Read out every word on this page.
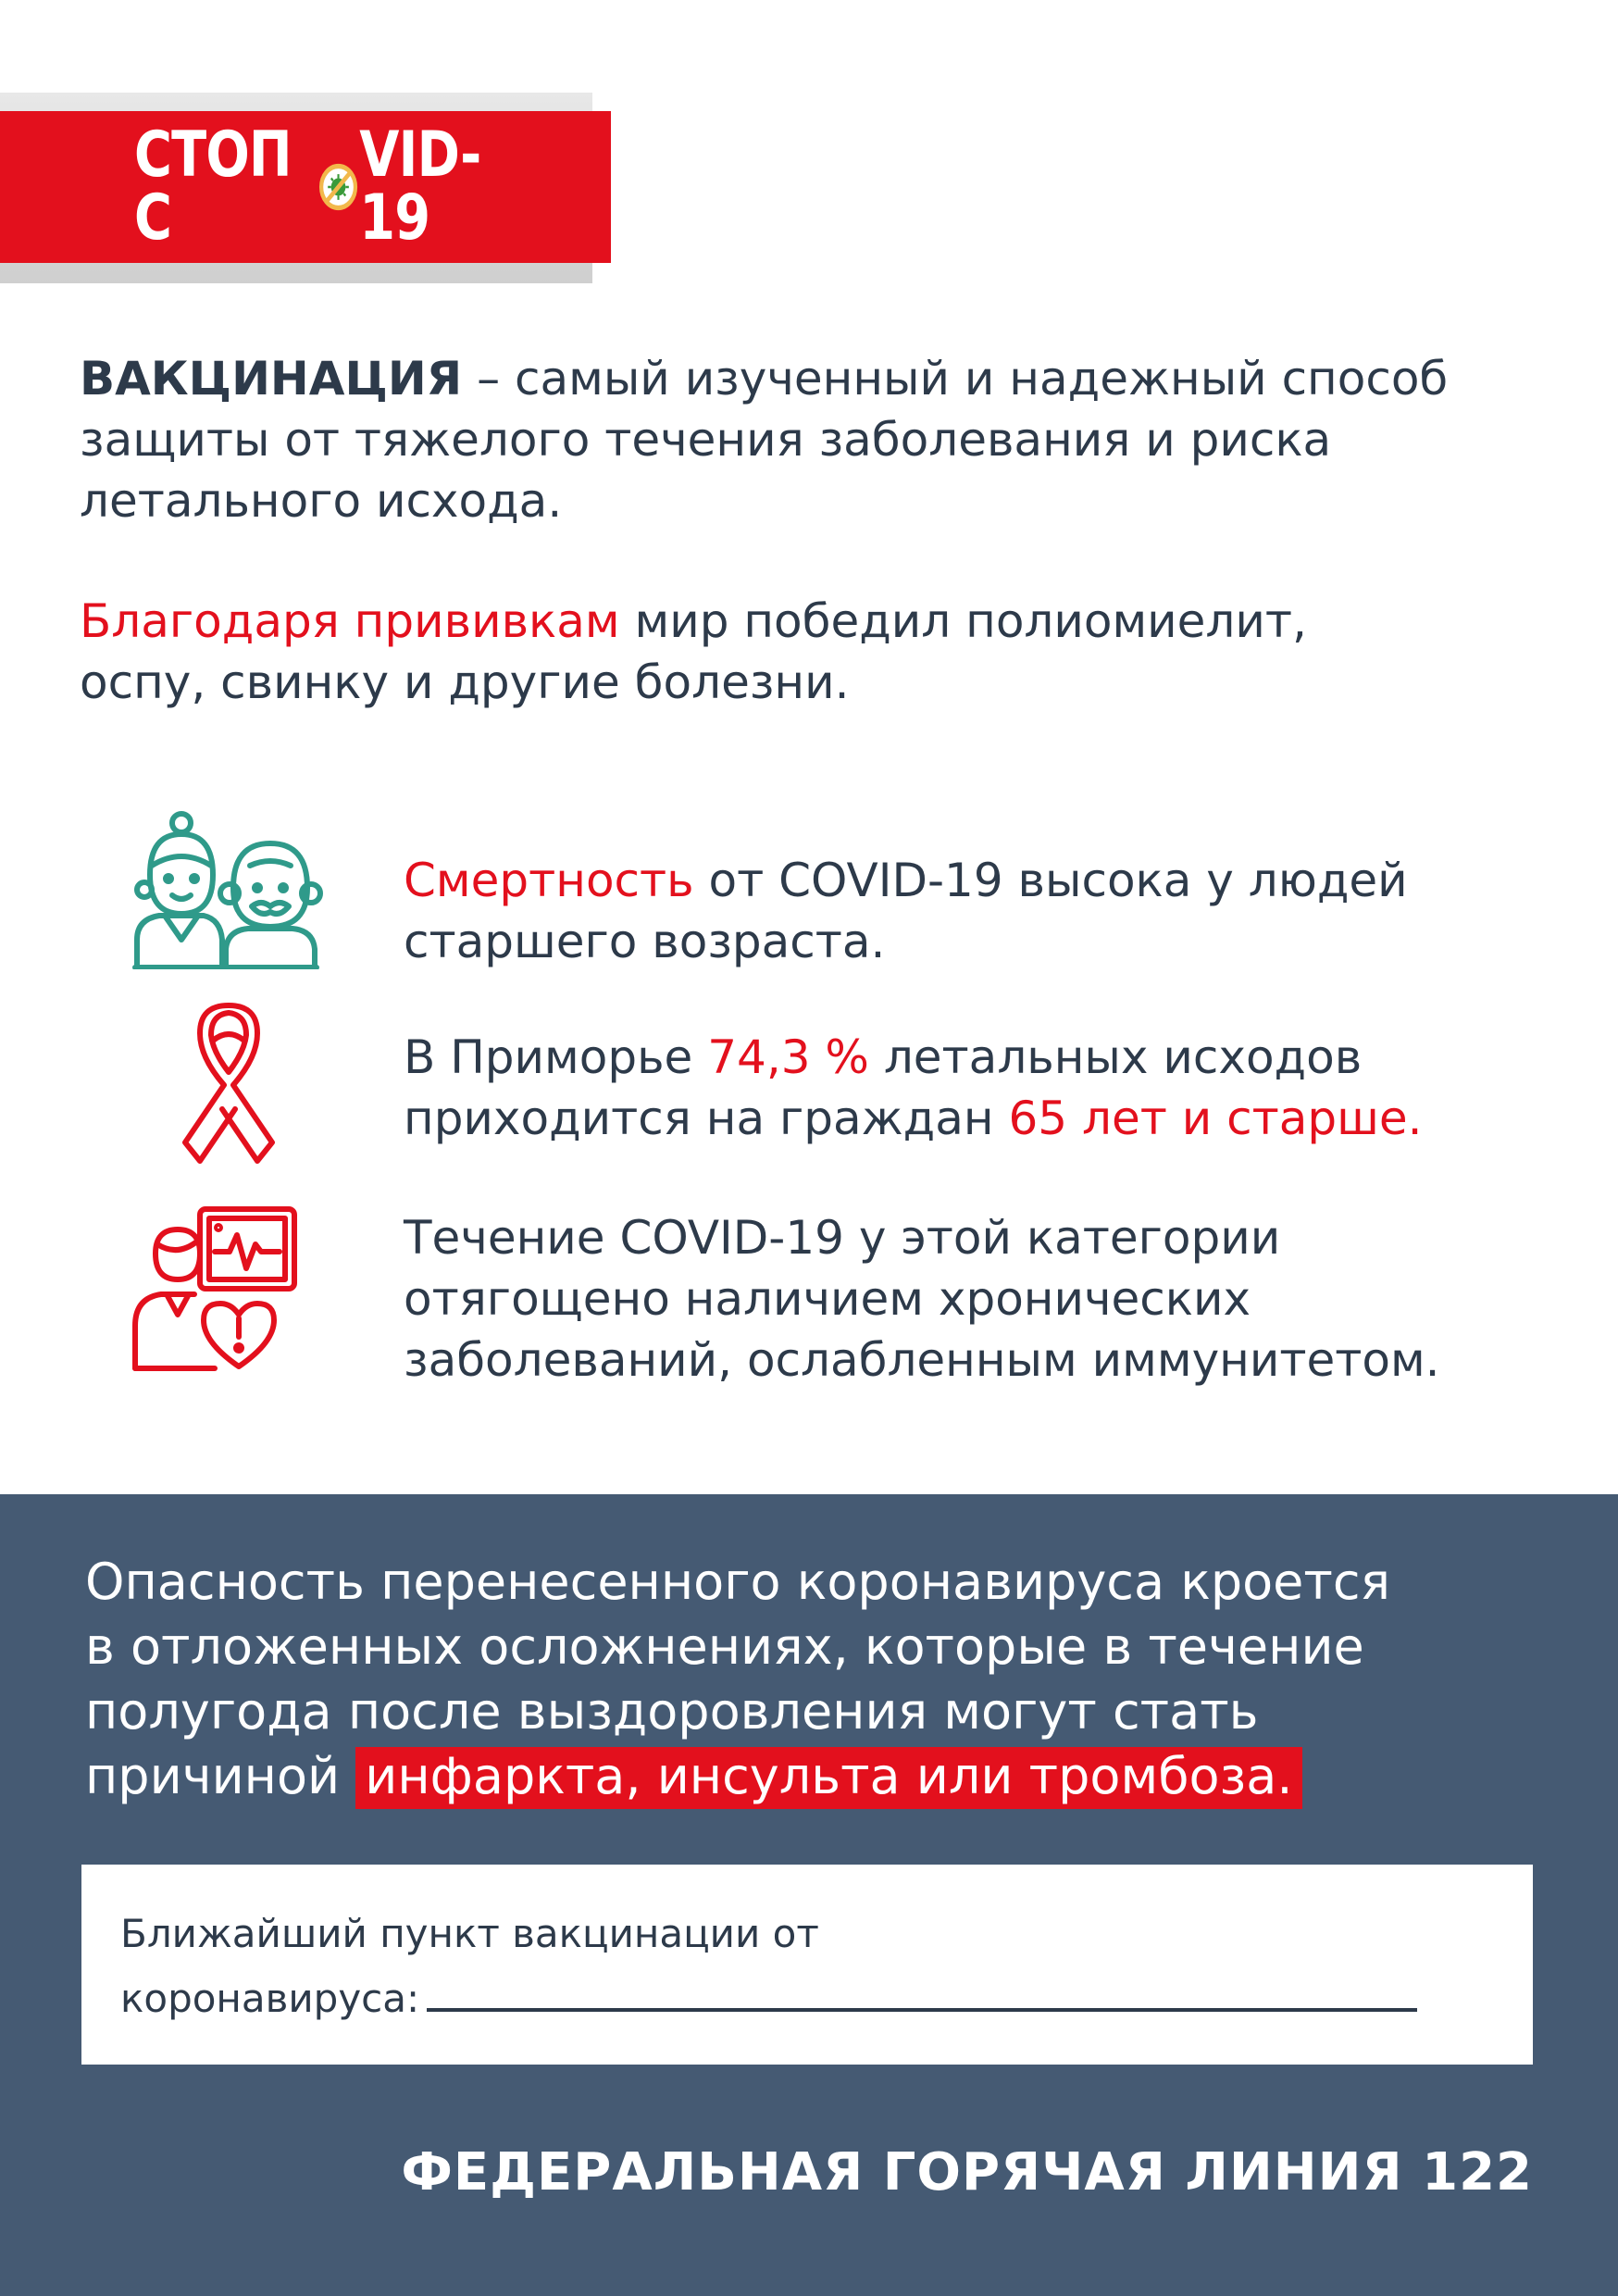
СТОП C
VID-19
ВАКЦИНАЦИЯ – самый изученный и надежный способ
защиты от тяжелого течения заболевания и риска
летального исхода.
Благодаря прививкам мир победил полиомиелит,
оспу, свинку и другие болезни.
Смертность от COVID-19 высока у людей
старшего возраста.
В Приморье 74,3 % летальных исходов
приходится на граждан 65 лет и старше.
Течение COVID-19 у этой категории
отягощено наличием хронических
заболеваний, ослабленным иммунитетом.
Опасность перенесенного коронавируса кроется
в отложенных осложнениях, которые в течение
полугода после выздоровления могут стать
причиной инфаркта, инсульта или тромбоза.
Ближайший пункт вакцинации от
коронавируса:
ФЕДЕРАЛЬНАЯ ГОРЯЧАЯ ЛИНИЯ 122
